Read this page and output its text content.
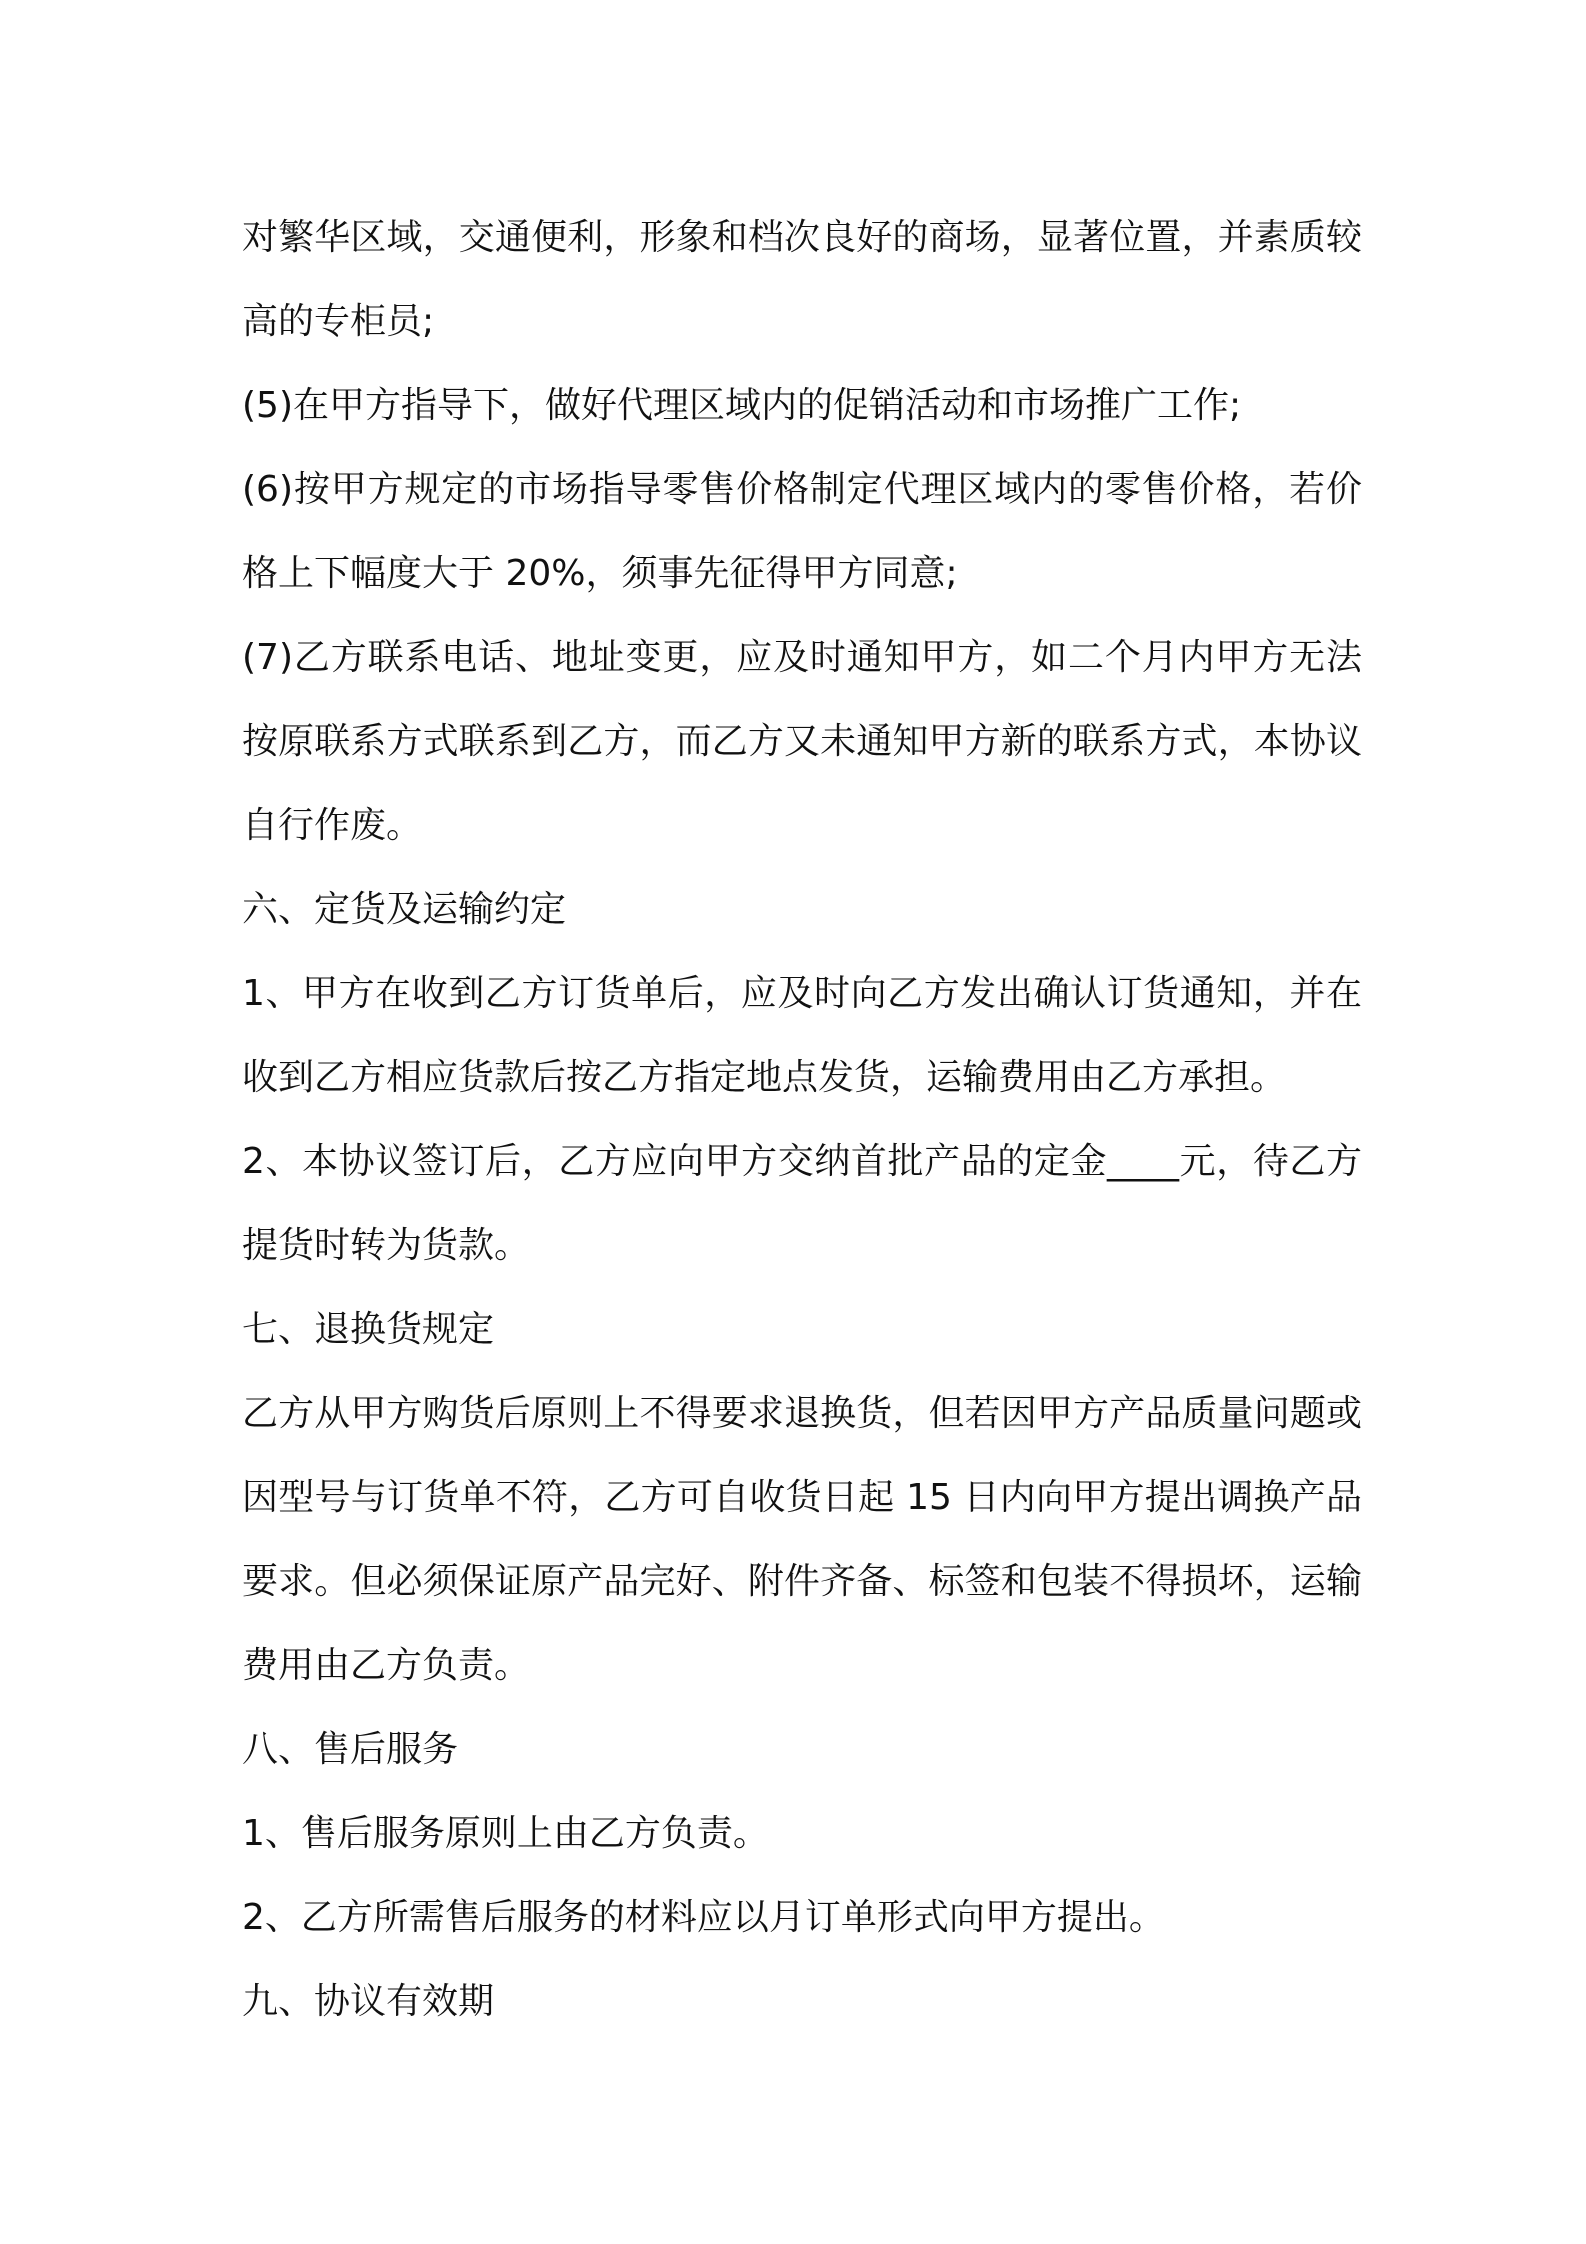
对繁华区域，交通便利，形象和档次良好的商场，显著位置，并素质较高的专柜员;

(5)在甲方指导下，做好代理区域内的促销活动和市场推广工作;

(6)按甲方规定的市场指导零售价格制定代理区域内的零售价格，若价格上下幅度大于 20%，须事先征得甲方同意;

(7)乙方联系电话、地址变更，应及时通知甲方，如二个月内甲方无法按原联系方式联系到乙方，而乙方又未通知甲方新的联系方式，本协议自行作废。

六、定货及运输约定

1、甲方在收到乙方订货单后，应及时向乙方发出确认订货通知，并在收到乙方相应货款后按乙方指定地点发货，运输费用由乙方承担。

2、本协议签订后，乙方应向甲方交纳首批产品的定金____元，待乙方提货时转为货款。

七、退换货规定

乙方从甲方购货后原则上不得要求退换货，但若因甲方产品质量问题或因型号与订货单不符，乙方可自收货日起 15 日内向甲方提出调换产品要求。但必须保证原产品完好、附件齐备、标签和包装不得损坏，运输费用由乙方负责。

八、售后服务

1、售后服务原则上由乙方负责。

2、乙方所需售后服务的材料应以月订单形式向甲方提出。

九、协议有效期
